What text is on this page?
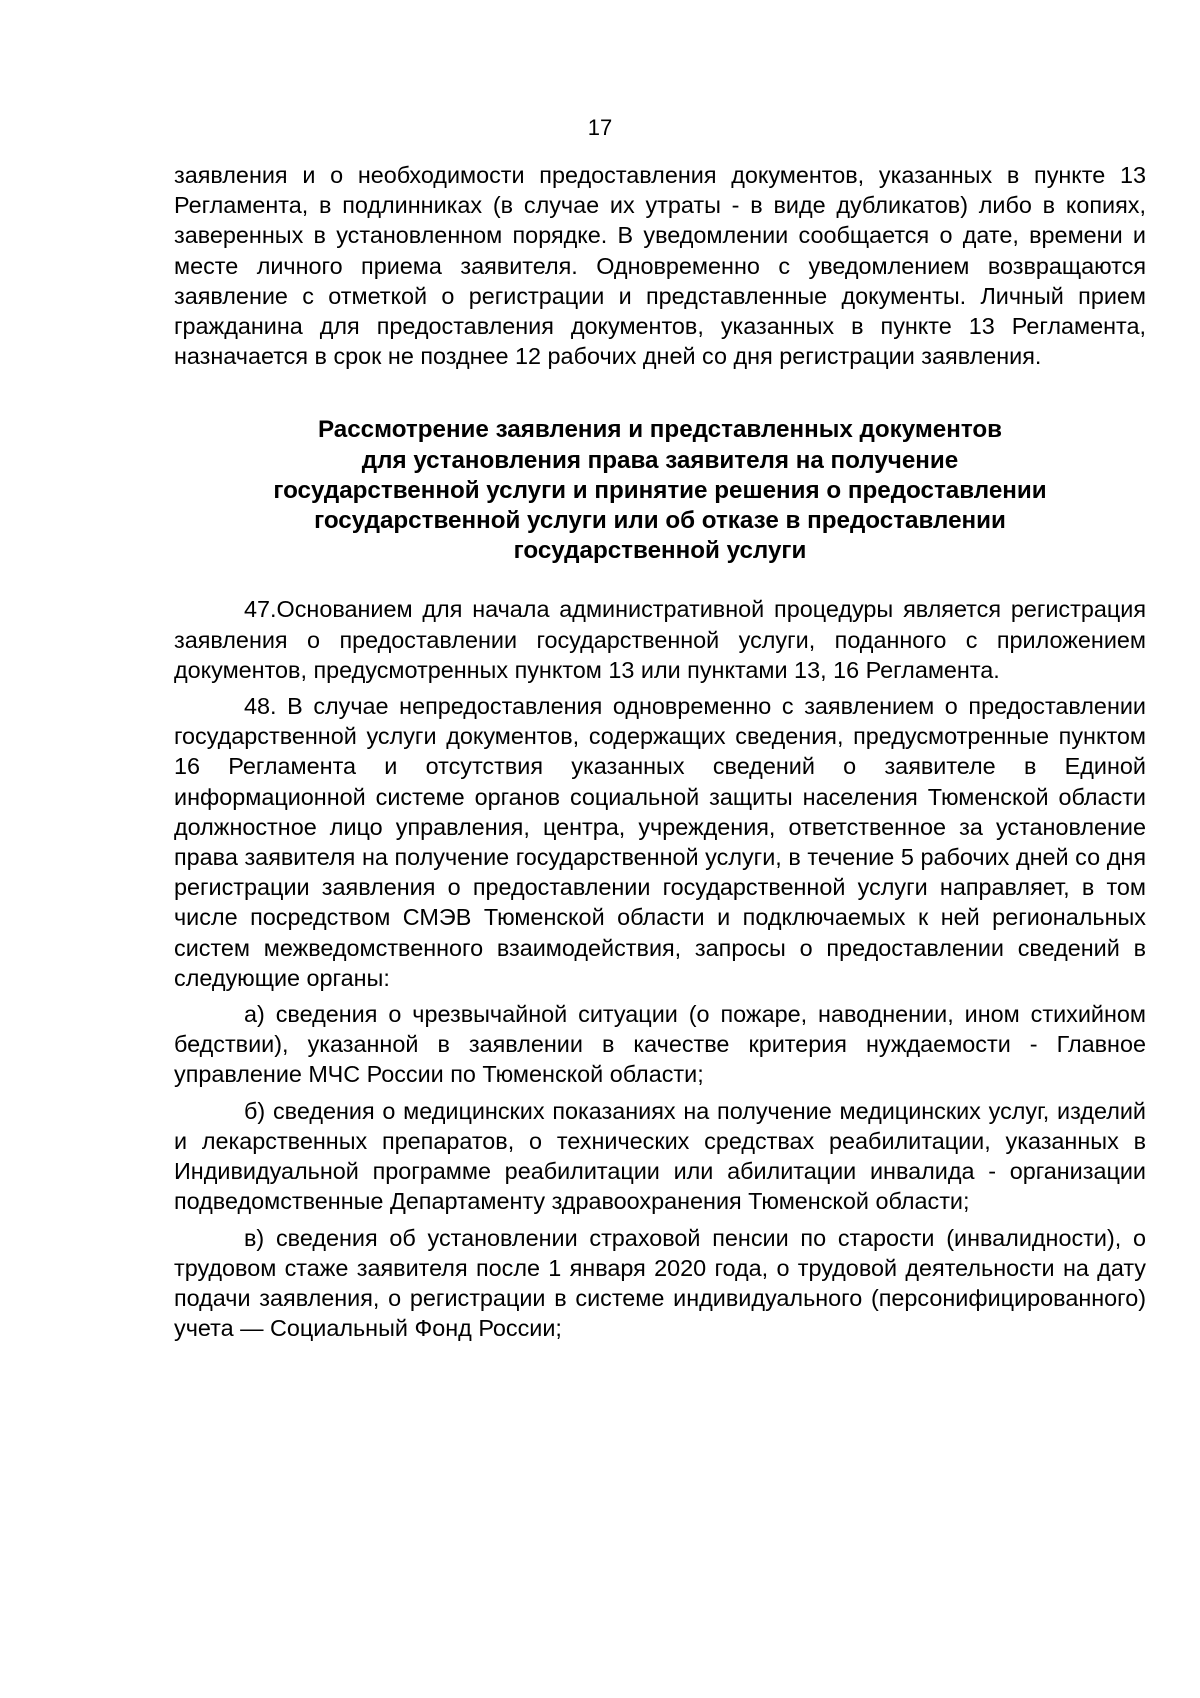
17

заявления и о необходимости предоставления документов, указанных в пункте 13 Регламента, в подлинниках (в случае их утраты - в виде дубликатов) либо в копиях, заверенных в установленном порядке. В уведомлении сообщается о дате, времени и месте личного приема заявителя. Одновременно с уведомлением возвращаются заявление с отметкой о регистрации и представленные документы. Личный прием гражданина для предоставления документов, указанных в пункте 13 Регламента, назначается в срок не позднее 12 рабочих дней со дня регистрации заявления.

Рассмотрение заявления и представленных документов
для установления права заявителя на получение
государственной услуги и принятие решения о предоставлении
государственной услуги или об отказе в предоставлении
государственной услуги

47.Основанием для начала административной процедуры является регистрация заявления о предоставлении государственной услуги, поданного с приложением документов, предусмотренных пунктом 13 или пунктами 13, 16 Регламента.

48. В случае непредоставления одновременно с заявлением о предоставлении государственной услуги документов, содержащих сведения, предусмотренные пунктом 16 Регламента и отсутствия указанных сведений о заявителе в Единой информационной системе органов социальной защиты населения Тюменской области должностное лицо управления, центра, учреждения, ответственное за установление права заявителя на получение государственной услуги, в течение 5 рабочих дней со дня регистрации заявления о предоставлении государственной услуги направляет, в том числе посредством СМЭВ Тюменской области и подключаемых к ней региональных систем межведомственного взаимодействия, запросы о предоставлении сведений в следующие органы:

а) сведения о чрезвычайной ситуации (о пожаре, наводнении, ином стихийном бедствии), указанной в заявлении в качестве критерия нуждаемости - Главное управление МЧС России по Тюменской области;

б) сведения о медицинских показаниях на получение медицинских услуг, изделий и лекарственных препаратов, о технических средствах реабилитации, указанных в Индивидуальной программе реабилитации или абилитации инвалида - организации подведомственные Департаменту здравоохранения Тюменской области;

в) сведения об установлении страховой пенсии по старости (инвалидности), о трудовом стаже заявителя после 1 января 2020 года, о трудовой деятельности на дату подачи заявления, о регистрации в системе индивидуального (персонифицированного) учета — Социальный Фонд России;
